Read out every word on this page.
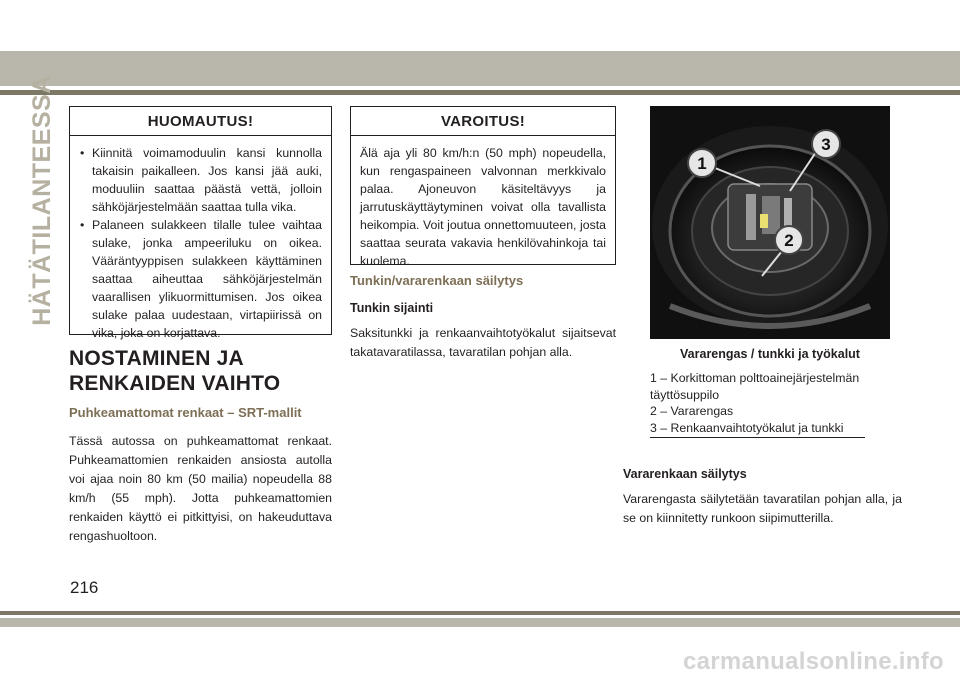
HÄTÄTILANTEESSA	HUOMAUTUS!
• Kiinnitä voimamoduulin kansi kunnolla takaisin paikalleen. Jos kansi jää auki, moduuliin saattaa päästä vettä, jolloin sähköjärjestelmään saattaa tulla vika.
• Palaneen sulakkeen tilalle tulee vaihtaa sulake, jonka ampeeriluku on oikea. Vääräntyyppisen sulakkeen käyttäminen saattaa aiheuttaa sähköjärjestelmän vaarallisen ylikuormittumisen. Jos oikea sulake palaa uudestaan, virtapiirissä on vika, joka on korjattava.
NOSTAMINEN JA
RENKAIDEN VAIHTO
Puhkeamattomat renkaat – SRT-mallit
Tässä autossa on puhkeamattomat renkaat. Puhkeamattomien renkaiden ansiosta autolla voi ajaa noin 80 km (50 mailia) nopeudella 88 km/h (55 mph). Jotta puhkeamattomien renkaiden käyttö ei pitkittyisi, on hakeuduttava rengashuoltoon.
VAROITUS!
Älä aja yli 80 km/h:n (50 mph) nopeudella, kun rengaspaineen valvonnan merkkivalo palaa. Ajoneuvon käsiteltävyys ja jarrutuskäyttäytyminen voivat olla tavallista heikompia. Voit joutua onnettomuuteen, josta saattaa seurata vakavia henkilövahinkoja tai kuolema.
Tunkin/vararenkaan säilytys
Tunkin sijainti
Saksitunkki ja renkaanvaihtotyökalut sijaitsevat takatavaratilassa, tavaratilan pohjan alla.
1
3
2
Vararengas / tunkki ja työkalut
1 – Korkittoman polttoainejärjestelmän täyttösuppilo
2 – Vararengas
3 – Renkaanvaihtotyökalut ja tunkki
Vararenkaan säilytys
Vararengasta säilytetään tavaratilan pohjan alla, ja se on kiinnitetty runkoon siipimutterilla.
216
carmanualsonline.info
